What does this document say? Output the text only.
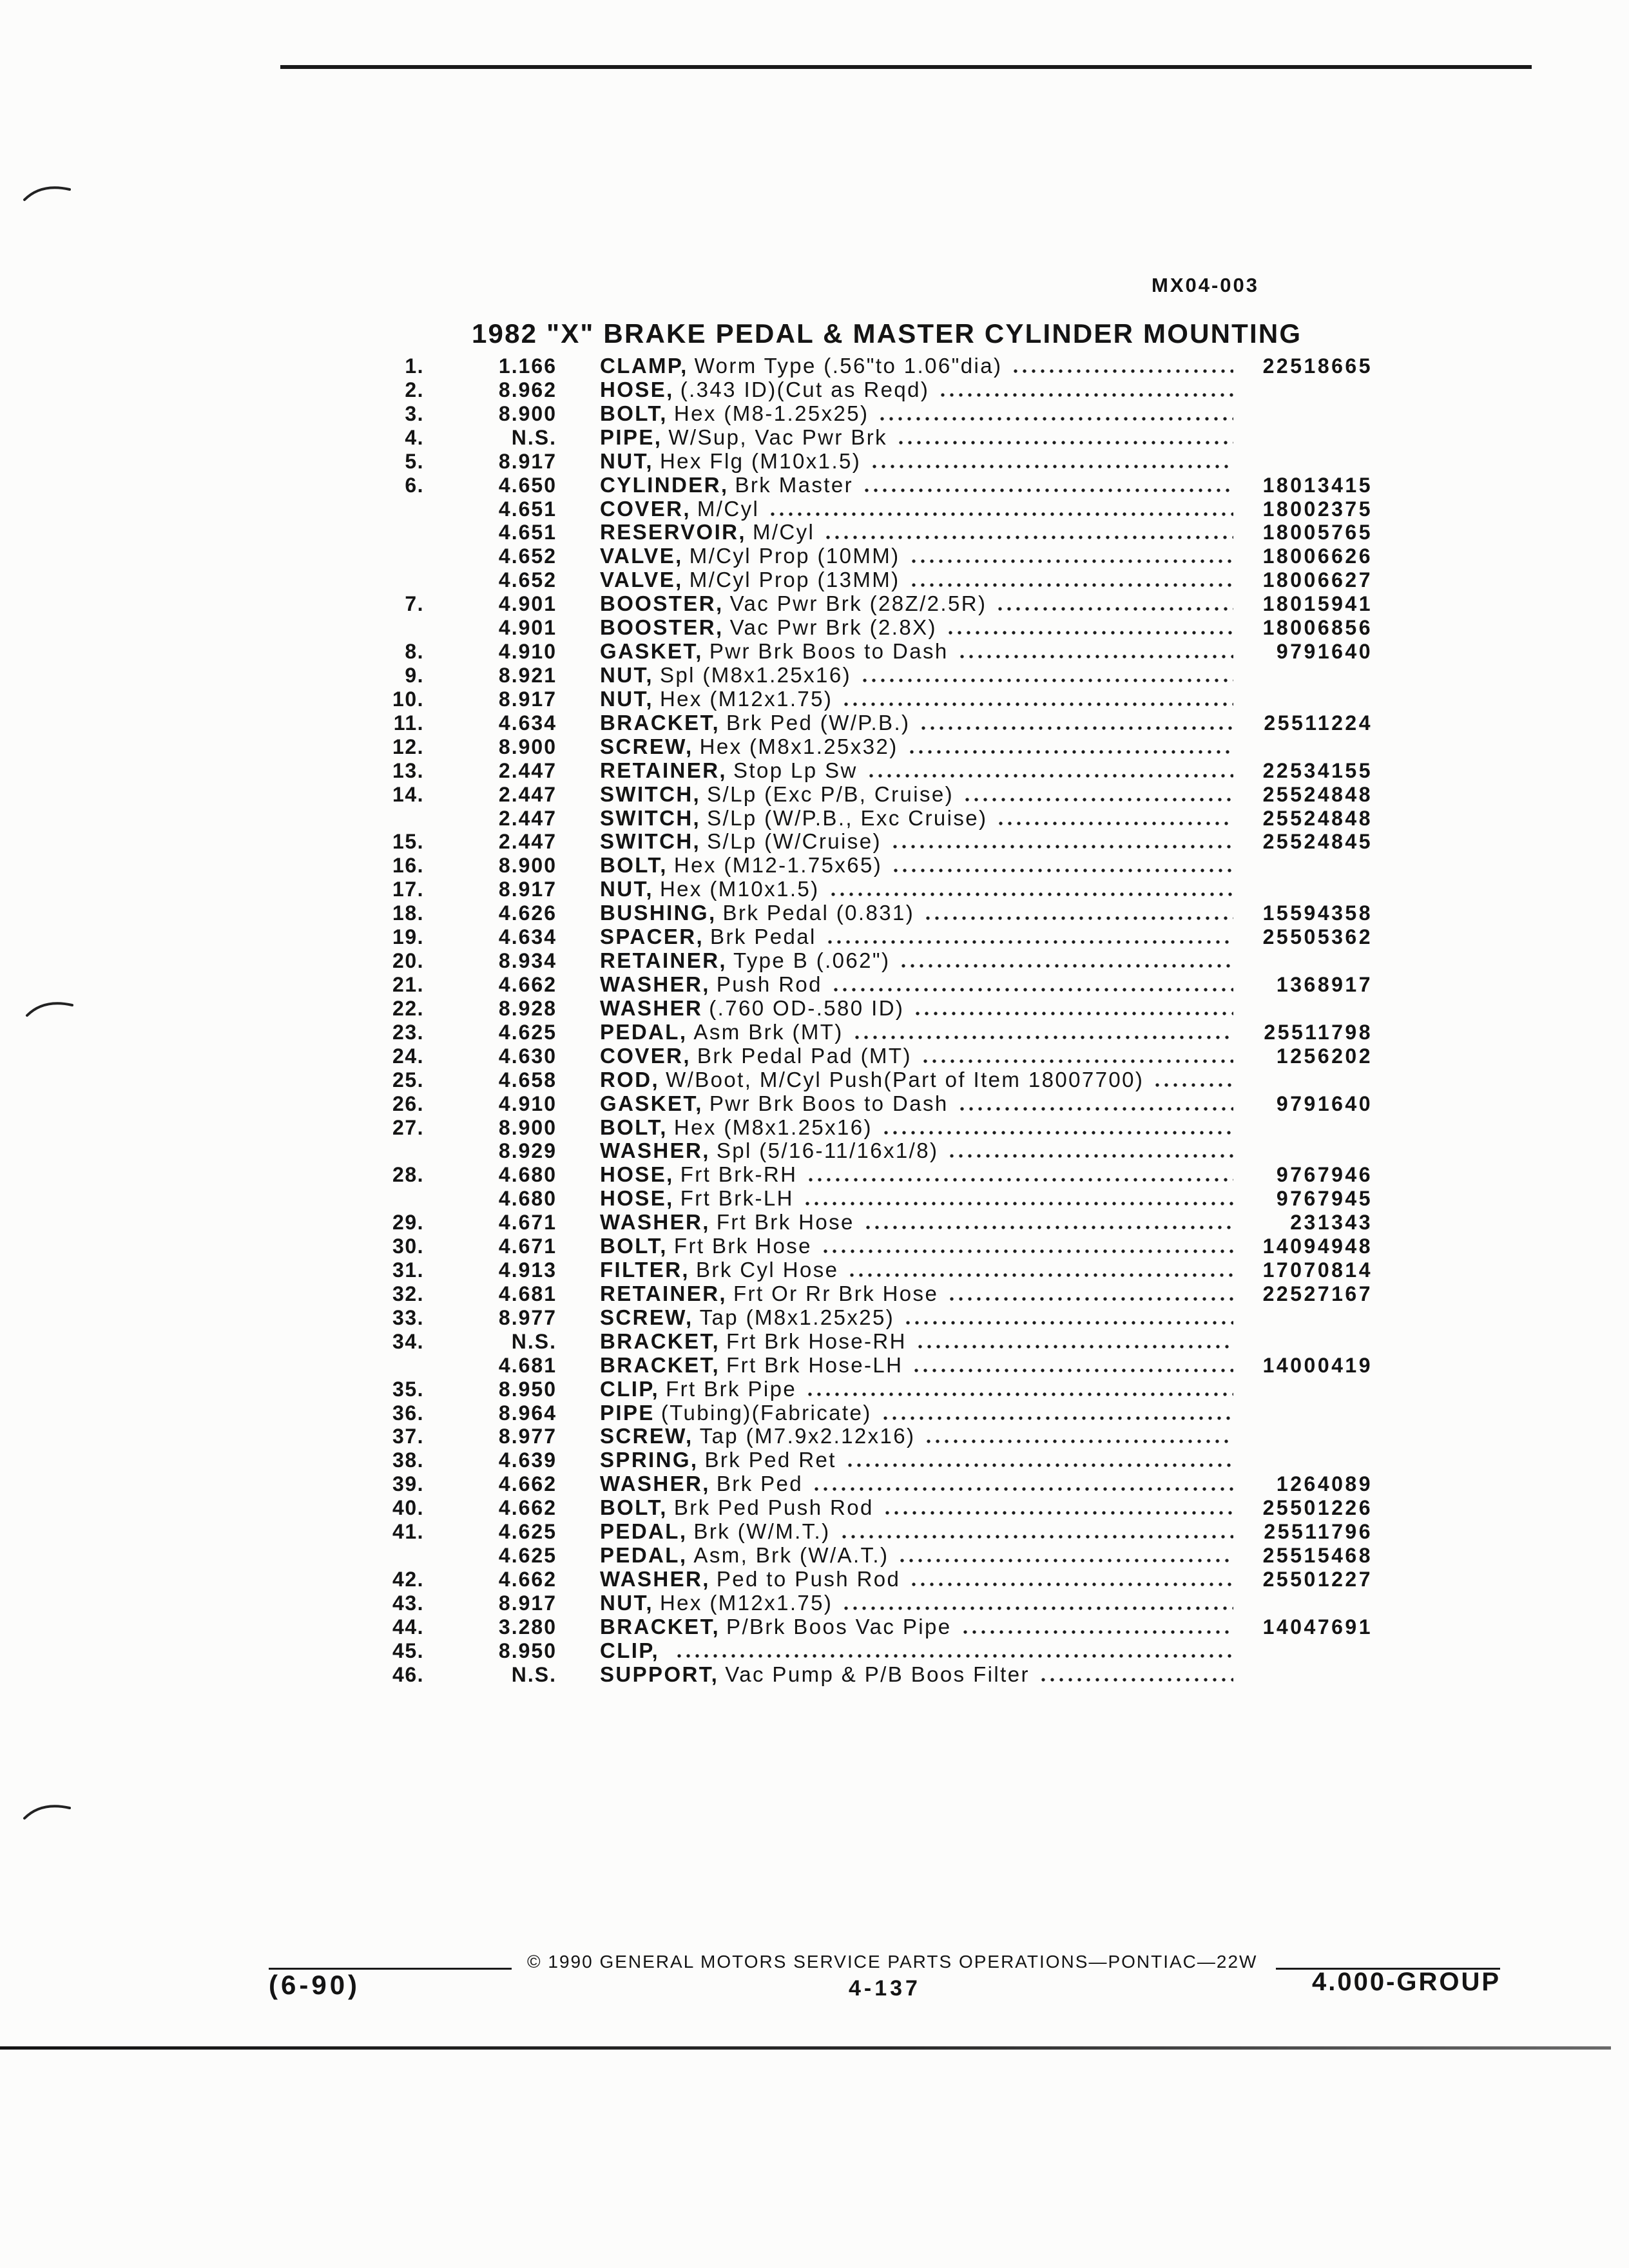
MX04-003
1982 "X" BRAKE PEDAL & MASTER CYLINDER MOUNTING
1.	1.166 CLAMP, Worm Type (.56"to 1.06"dia)	22518665
2.	8.962 HOSE, (.343 ID)(Cut as Reqd)
3.	8.900 BOLT, Hex (M8-1.25x25)
4.	N.S. PIPE, W/Sup, Vac Pwr Brk
5.	8.917 NUT, Hex Flg (M10x1.5)
6.	4.650 CYLINDER, Brk Master	18013415
4.651 COVER, M/Cyl	18002375
4.651 RESERVOIR, M/Cyl	18005765
4.652 VALVE, M/Cyl Prop (10MM)	18006626
4.652 VALVE, M/Cyl Prop (13MM)	18006627
7.	4.901 BOOSTER, Vac Pwr Brk (28Z/2.5R)	18015941
4.901 BOOSTER, Vac Pwr Brk (2.8X)	18006856
8.	4.910 GASKET, Pwr Brk Boos to Dash	9791640
9.	8.921 NUT, Spl (M8x1.25x16)
10.	8.917 NUT, Hex (M12x1.75)
11.	4.634 BRACKET, Brk Ped (W/P.B.)	25511224
12.	8.900 SCREW, Hex (M8x1.25x32)
13.	2.447 RETAINER, Stop Lp Sw	22534155
14.	2.447 SWITCH, S/Lp (Exc P/B, Cruise)	25524848
2.447 SWITCH, S/Lp (W/P.B., Exc Cruise)	25524848
15.	2.447 SWITCH, S/Lp (W/Cruise)	25524845
16.	8.900 BOLT, Hex (M12-1.75x65)
17.	8.917 NUT, Hex (M10x1.5)
18.	4.626 BUSHING, Brk Pedal (0.831)	15594358
19.	4.634 SPACER, Brk Pedal	25505362
20.	8.934 RETAINER, Type B (.062")
21.	4.662 WASHER, Push Rod	1368917
22.	8.928 WASHER (.760 OD-.580 ID)
23.	4.625 PEDAL, Asm Brk (MT)	25511798
24.	4.630 COVER, Brk Pedal Pad (MT)	1256202
25.	4.658 ROD, W/Boot, M/Cyl Push(Part of Item 18007700)
26.	4.910 GASKET, Pwr Brk Boos to Dash	9791640
27.	8.900 BOLT, Hex (M8x1.25x16)
8.929 WASHER, Spl (5/16-11/16x1/8)
28.	4.680 HOSE, Frt Brk-RH	9767946
4.680 HOSE, Frt Brk-LH	9767945
29.	4.671 WASHER, Frt Brk Hose	231343
30.	4.671 BOLT, Frt Brk Hose	14094948
31.	4.913 FILTER, Brk Cyl Hose	17070814
32.	4.681 RETAINER, Frt Or Rr Brk Hose	22527167
33.	8.977 SCREW, Tap (M8x1.25x25)
34.	N.S. BRACKET, Frt Brk Hose-RH
4.681 BRACKET, Frt Brk Hose-LH	14000419
35.	8.950 CLIP, Frt Brk Pipe
36.	8.964 PIPE (Tubing)(Fabricate)
37.	8.977 SCREW, Tap (M7.9x2.12x16)
38.	4.639 SPRING, Brk Ped Ret
39.	4.662 WASHER, Brk Ped	1264089
40.	4.662 BOLT, Brk Ped Push Rod	25501226
41.	4.625 PEDAL, Brk (W/M.T.)	25511796
4.625 PEDAL, Asm, Brk (W/A.T.)	25515468
42.	4.662 WASHER, Ped to Push Rod	25501227
43.	8.917 NUT, Hex (M12x1.75)
44.	3.280 BRACKET, P/Brk Boos Vac Pipe	14047691
45.	8.950 CLIP,
46.	N.S. SUPPORT, Vac Pump & P/B Boos Filter
© 1990 GENERAL MOTORS SERVICE PARTS OPERATIONS—PONTIAC—22W
(6-90)	4-137	4.000-GROUP
